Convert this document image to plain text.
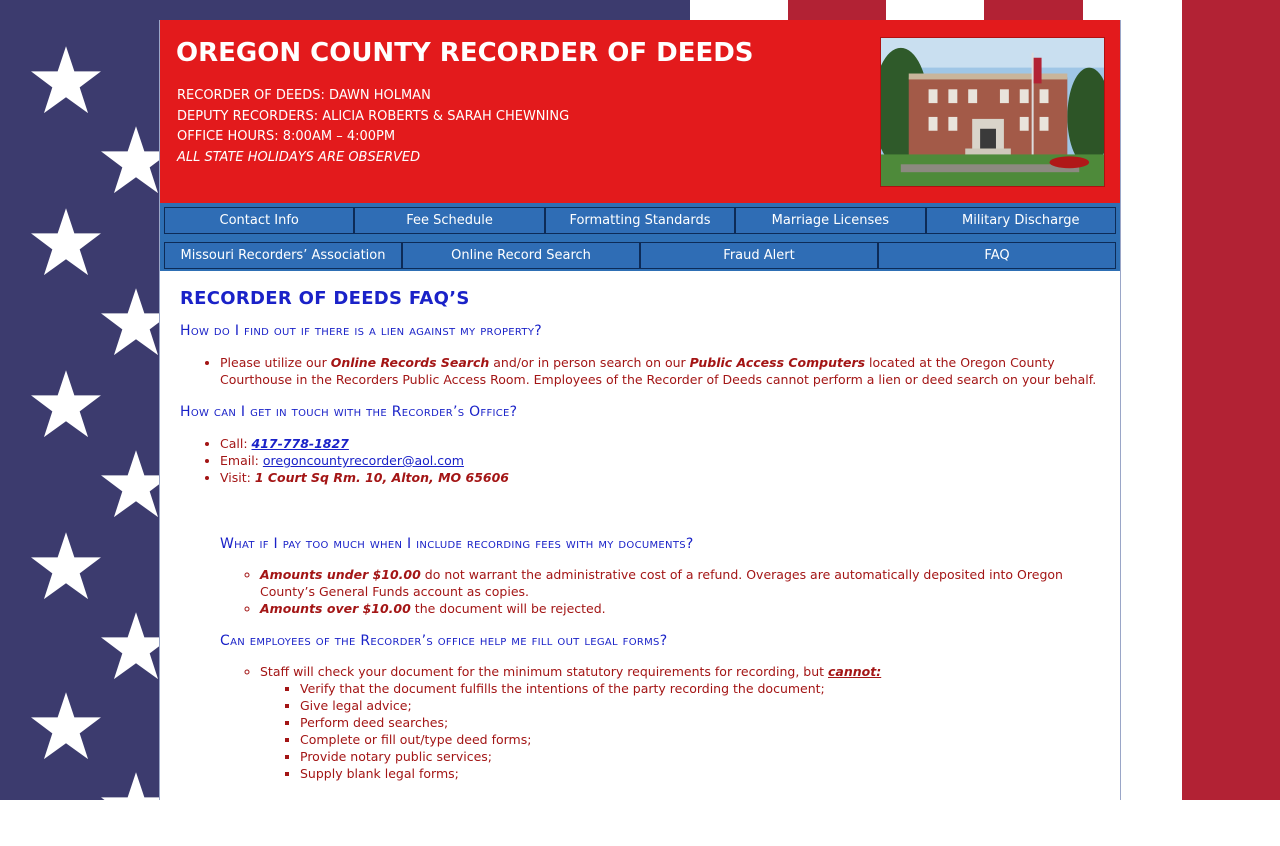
OREGON COUNTY RECORDER OF DEEDS
RECORDER OF DEEDS: DAWN HOLMAN
DEPUTY RECORDERS: ALICIA ROBERTS & SARAH CHEWNING
OFFICE HOURS: 8:00AM – 4:00PM
ALL STATE HOLIDAYS ARE OBSERVED
Contact Info	Fee Schedule	Formatting Standards	Marriage Licenses	Military Discharge
Missouri Recorders’ Association	Online Record Search	Fraud Alert	FAQ
RECORDER OF DEEDS FAQ’S
How do I find out if there is a lien against my property?
• Please utilize our Online Records Search and/or in person search on our Public Access Computers located at the Oregon County Courthouse in the Recorders Public Access Room. Employees of the Recorder of Deeds cannot perform a lien or deed search on your behalf.
How can I get in touch with the Recorder’s Office?
• Call: 417-778-1827
• Email: oregoncountyrecorder@aol.com
• Visit: 1 Court Sq Rm. 10, Alton, MO 65606
What if I pay too much when I include recording fees with my documents?
◦ Amounts under $10.00 do not warrant the administrative cost of a refund. Overages are automatically deposited into Oregon County’s General Funds account as copies.
◦ Amounts over $10.00 the document will be rejected.
Can employees of the Recorder’s office help me fill out legal forms?
◦ Staff will check your document for the minimum statutory requirements for recording, but cannot:
▪ Verify that the document fulfills the intentions of the party recording the document;
▪ Give legal advice;
▪ Perform deed searches;
▪ Complete or fill out/type deed forms;
▪ Provide notary public services;
▪ Supply blank legal forms;
